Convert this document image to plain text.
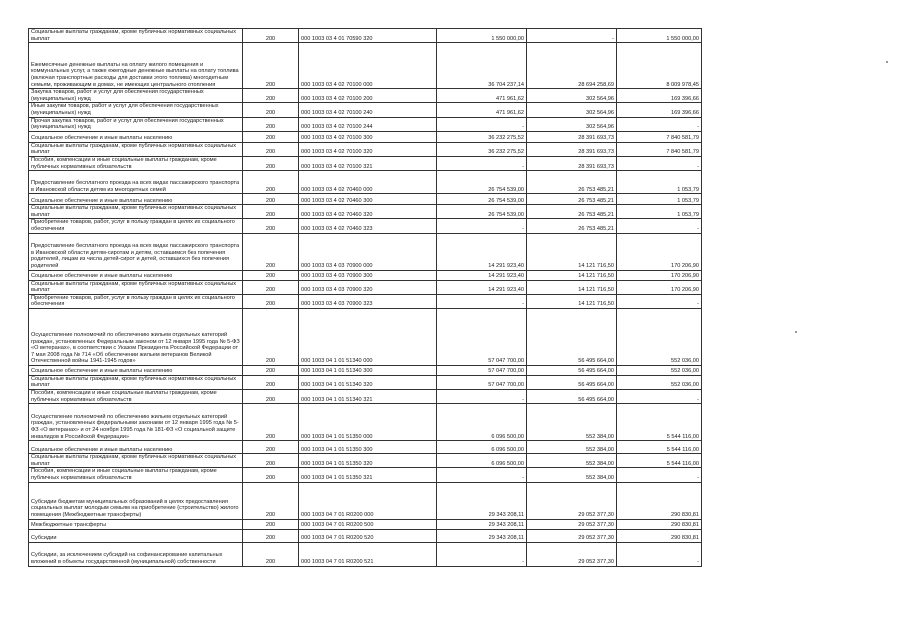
Социальные выплаты гражданам, кроме публичных нормативных социальных выплат	200	000 1003 03 4 01 70590 320	1 550 000,00	-	1 550 000,00
Ежемесячные денежные выплаты на оплату жилого помещения и коммунальных услуг, а также ежегодные денежные выплаты на оплату топлива (включая транспортные расходы для доставки этого топлива) многодетным семьям, проживающим в домах, не имеющих центрального отопления	200	000 1003 03 4 02 70100 000	36 704 237,14	28 694 258,69	8 009 978,45
Закупка товаров, работ и услуг для обеспечения государственных (муниципальных) нужд	200	000 1003 03 4 02 70100 200	471 961,62	302 564,96	169 396,66
Иные закупки товаров, работ и услуг для обеспечения государственных (муниципальных) нужд	200	000 1003 03 4 02 70100 240	471 961,62	302 564,96	169 396,66
Прочая закупка товаров, работ и услуг для обеспечения государственных (муниципальных) нужд	200	000 1003 03 4 02 70100 244	-	302 564,96	-
Социальное обеспечение и иные выплаты населению	200	000 1003 03 4 02 70100 300	36 232 275,52	28 391 693,73	7 840 581,79
Социальные выплаты гражданам, кроме публичных нормативных социальных выплат	200	000 1003 03 4 02 70100 320	36 232 275,52	28 391 693,73	7 840 581,79
Пособия, компенсации и иные социальные выплаты гражданам, кроме публичных нормативных обязательств	200	000 1003 03 4 02 70100 321	-	28 391 693,73	-
Предоставление бесплатного проезда на всех видах пассажирского транспорта в Ивановской области детям из многодетных семей	200	000 1003 03 4 02 70460 000	26 754 539,00	26 753 485,21	1 053,79
Социальное обеспечение и иные выплаты населению	200	000 1003 03 4 02 70460 300	26 754 539,00	26 753 485,21	1 053,79
Социальные выплаты гражданам, кроме публичных нормативных социальных выплат	200	000 1003 03 4 02 70460 320	26 754 539,00	26 753 485,21	1 053,79
Приобретение товаров, работ, услуг в пользу граждан в целях их социального обеспечения	200	000 1003 03 4 02 70460 323	-	26 753 485,21	-
Предоставление бесплатного проезда на всех видах пассажирского транспорта в Ивановской области детям-сиротам и детям, оставшимся без попечения родителей, лицам из числа детей-сирот и детей, оставшихся без попечения родителей	200	000 1003 03 4 03 70900 000	14 291 923,40	14 121 716,50	170 206,90
Социальное обеспечение и иные выплаты населению	200	000 1003 03 4 03 70900 300	14 291 923,40	14 121 716,50	170 206,90
Социальные выплаты гражданам, кроме публичных нормативных социальных выплат	200	000 1003 03 4 03 70900 320	14 291 923,40	14 121 716,50	170 206,90
Приобретение товаров, работ, услуг в пользу граждан в целях их социального обеспечения	200	000 1003 03 4 03 70900 323	-	14 121 716,50	-
Осуществление полномочий по обеспечению жильем отдельных категорий граждан, установленных Федеральным законом от 12 января 1995 года № 5-ФЗ «О ветеранах», в соответствии с Указом Президента Российской Федерации от 7 мая 2008 года № 714 «Об обеспечении жильем ветеранов Великой Отечественной войны 1941-1945 годов»	200	000 1003 04 1 01 51340 000	57 047 700,00	56 495 664,00	552 036,00
Социальное обеспечение и иные выплаты населению	200	000 1003 04 1 01 51340 300	57 047 700,00	56 495 664,00	552 036,00
Социальные выплаты гражданам, кроме публичных нормативных социальных выплат	200	000 1003 04 1 01 51340 320	57 047 700,00	56 495 664,00	552 036,00
Пособия, компенсации и иные социальные выплаты гражданам, кроме публичных нормативных обязательств	200	000 1003 04 1 01 51340 321	-	56 495 664,00	-
Осуществление полномочий по обеспечению жильем отдельных категорий граждан, установленных федеральными законами от 12 января 1995 года № 5-ФЗ «О ветеранах» и от 24 ноября 1995 года № 181-ФЗ «О социальной защите инвалидов в Российской Федерации»	200	000 1003 04 1 01 51350 000	6 096 500,00	552 384,00	5 544 116,00
Социальное обеспечение и иные выплаты населению	200	000 1003 04 1 01 51350 300	6 096 500,00	552 384,00	5 544 116,00
Социальные выплаты гражданам, кроме публичных нормативных социальных выплат	200	000 1003 04 1 01 51350 320	6 096 500,00	552 384,00	5 544 116,00
Пособия, компенсации и иные социальные выплаты гражданам, кроме публичных нормативных обязательств	200	000 1003 04 1 01 51350 321	-	552 384,00	-
Субсидии бюджетам муниципальных образований в целях предоставления социальных выплат молодым семьям на приобретение (строительство) жилого помещения (Межбюджетные трансферты)	200	000 1003 04 7 01 R0200 000	29 343 208,11	29 052 377,30	290 830,81
Межбюджетные трансферты	200	000 1003 04 7 01 R0200 500	29 343 208,11	29 052 377,30	290 830,81
Субсидии	200	000 1003 04 7 01 R0200 520	29 343 208,11	29 052 377,30	290 830,81
Субсидии, за исключением субсидий на софинансирование капитальных вложений в объекты государственной (муниципальной) собственности	200	000 1003 04 7 01 R0200 521	-	29 052 377,30	-
